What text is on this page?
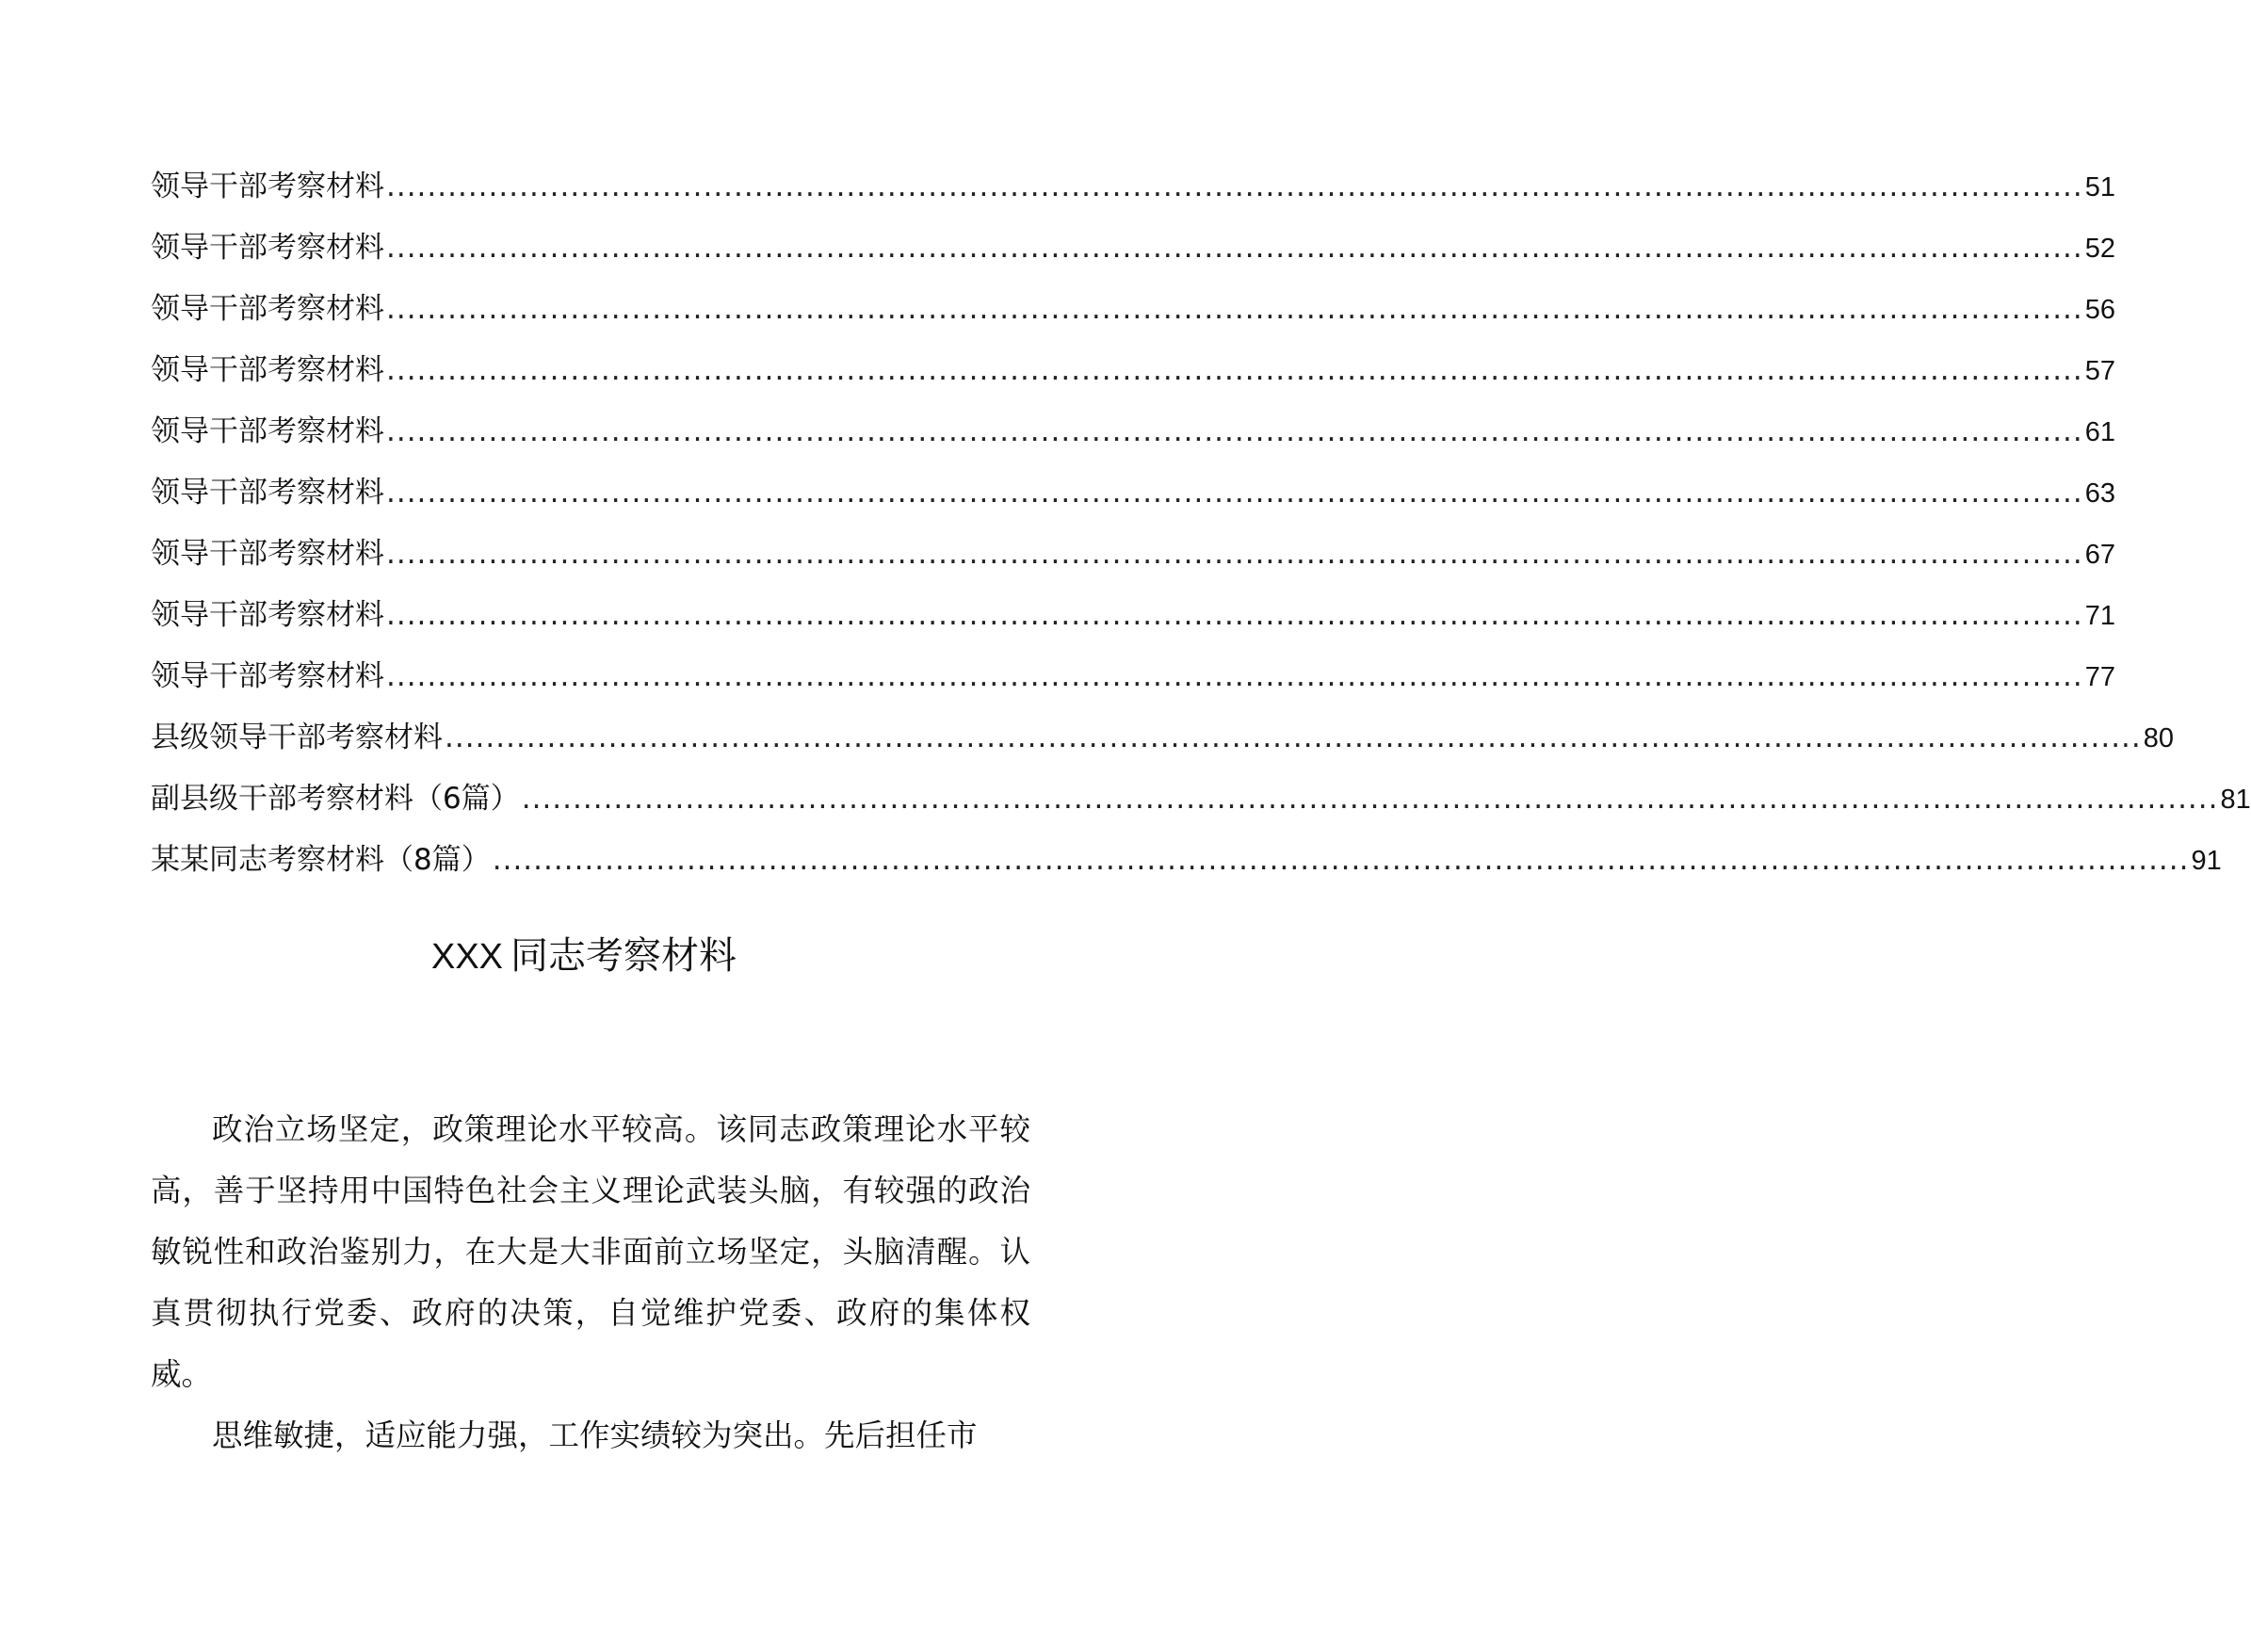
领导干部考察材料 ...................................................................................................................................................................... 51
领导干部考察材料 ...................................................................................................................................................................... 52
领导干部考察材料 ...................................................................................................................................................................... 56
领导干部考察材料 ...................................................................................................................................................................... 57
领导干部考察材料 ...................................................................................................................................................................... 61
领导干部考察材料 ...................................................................................................................................................................... 63
领导干部考察材料 ...................................................................................................................................................................... 67
领导干部考察材料 ...................................................................................................................................................................... 71
领导干部考察材料 ...................................................................................................................................................................... 77
县级领导干部考察材料 ...................................................................................................................................................................... 80
副县级干部考察材料（6篇） ...................................................................................................................................................................... 81
某某同志考察材料（8篇） ...................................................................................................................................................................... 91
XXX 同志考察材料

政治立场坚定，政策理论水平较高。该同志政策理论水平较高，善于坚持用中国特色社会主义理论武装头脑，有较强的政治敏锐性和政治鉴别力，在大是大非面前立场坚定，头脑清醒。认真贯彻执行党委、政府的决策，自觉维护党委、政府的集体权威。

思维敏捷，适应能力强，工作实绩较为突出。先后担任市
